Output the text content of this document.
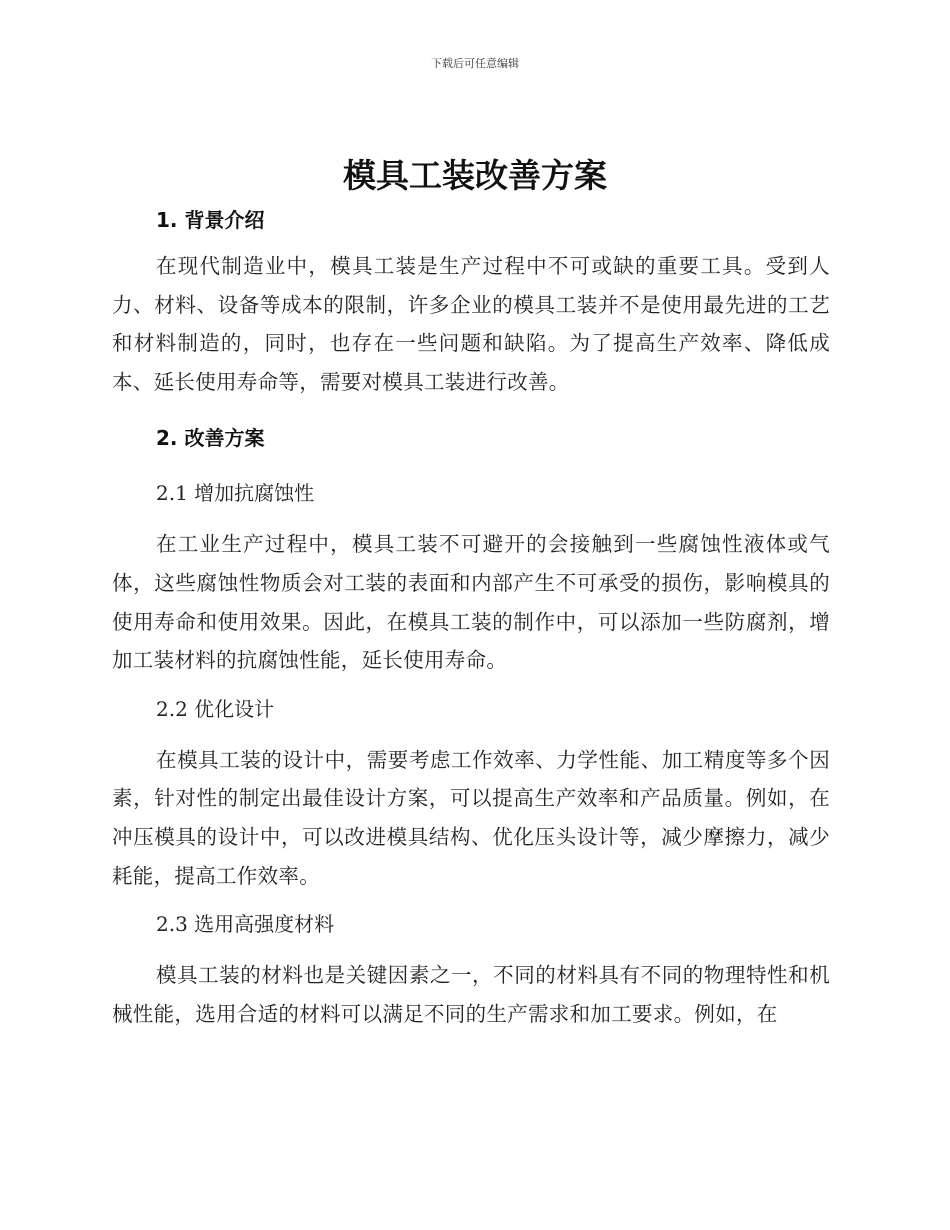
下载后可任意编辑
模具工装改善方案
1. 背景介绍

在现代制造业中，模具工装是生产过程中不可或缺的重要工具。受到人力、材料、设备等成本的限制，许多企业的模具工装并不是使用最先进的工艺和材料制造的，同时，也存在一些问题和缺陷。为了提高生产效率、降低成本、延长使用寿命等，需要对模具工装进行改善。

2. 改善方案
2.1 增加抗腐蚀性

在工业生产过程中，模具工装不可避开的会接触到一些腐蚀性液体或气体，这些腐蚀性物质会对工装的表面和内部产生不可承受的损伤，影响模具的使用寿命和使用效果。因此，在模具工装的制作中，可以添加一些防腐剂，增加工装材料的抗腐蚀性能，延长使用寿命。

2.2 优化设计

在模具工装的设计中，需要考虑工作效率、力学性能、加工精度等多个因素，针对性的制定出最佳设计方案，可以提高生产效率和产品质量。例如，在冲压模具的设计中，可以改进模具结构、优化压头设计等，减少摩擦力，减少耗能，提高工作效率。

2.3 选用高强度材料

模具工装的材料也是关键因素之一，不同的材料具有不同的物理特性和机械性能，选用合适的材料可以满足不同的生产需求和加工要求。例如，在
